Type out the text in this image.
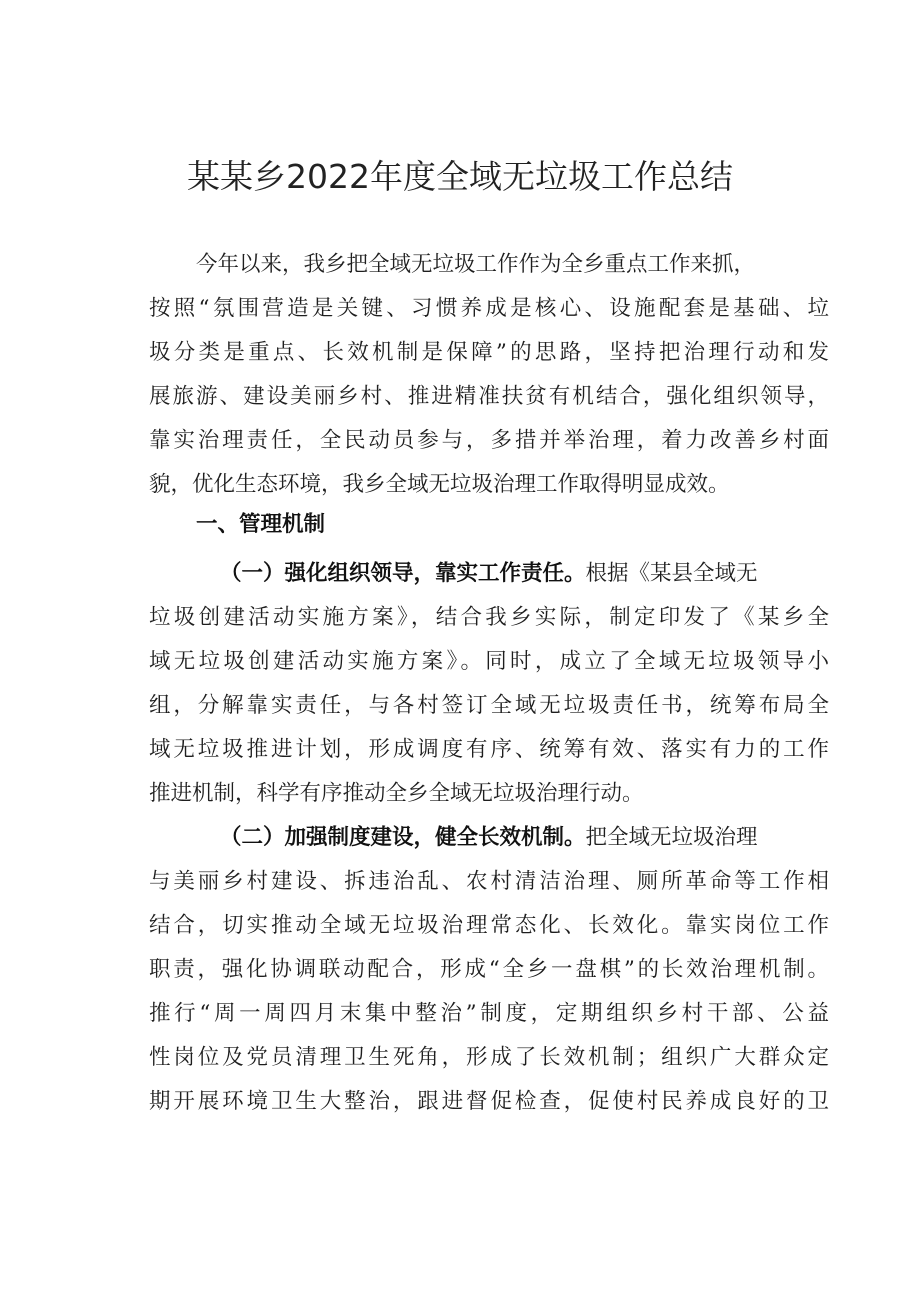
某某乡2022年度全域无垃圾工作总结
今年以来，我乡把全域无垃圾工作作为全乡重点工作来抓，
按照“氛围营造是关键、习惯养成是核心、设施配套是基础、垃
圾分类是重点、长效机制是保障”的思路，坚持把治理行动和发
展旅游、建设美丽乡村、推进精准扶贫有机结合，强化组织领导，
靠实治理责任，全民动员参与，多措并举治理，着力改善乡村面
貌，优化生态环境，我乡全域无垃圾治理工作取得明显成效。
一、管理机制
（一）强化组织领导，靠实工作责任。根据《某县全域无
垃圾创建活动实施方案》，结合我乡实际，制定印发了《某乡全
域无垃圾创建活动实施方案》。同时，成立了全域无垃圾领导小
组，分解靠实责任，与各村签订全域无垃圾责任书，统筹布局全
域无垃圾推进计划，形成调度有序、统筹有效、落实有力的工作
推进机制，科学有序推动全乡全域无垃圾治理行动。
（二）加强制度建设，健全长效机制。把全域无垃圾治理
与美丽乡村建设、拆违治乱、农村清洁治理、厕所革命等工作相
结合，切实推动全域无垃圾治理常态化、长效化。靠实岗位工作
职责，强化协调联动配合，形成“全乡一盘棋”的长效治理机制。
推行“周一周四月末集中整治”制度，定期组织乡村干部、公益
性岗位及党员清理卫生死角，形成了长效机制；组织广大群众定
期开展环境卫生大整治，跟进督促检查，促使村民养成良好的卫
